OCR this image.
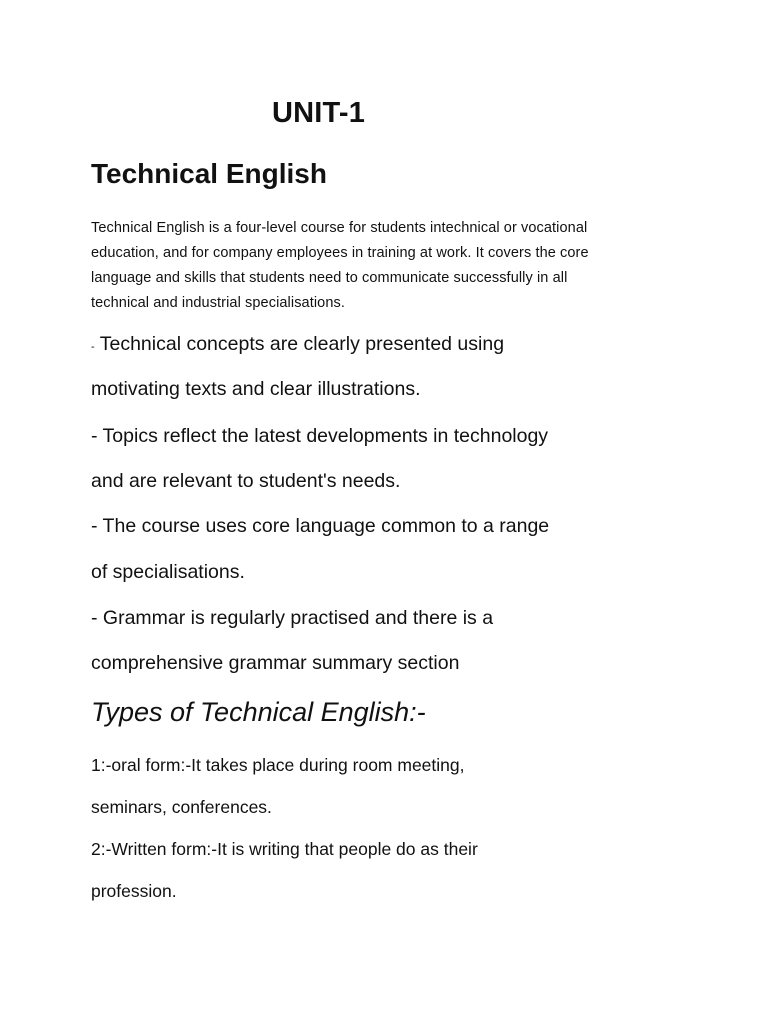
UNIT-1

Technical English

Technical English is a four-level course for students intechnical or vocational

education, and for company employees in training at work. It covers the core

language and skills that students need to communicate successfully in all

technical and industrial specialisations.

- Technical concepts are clearly presented using

motivating texts and clear illustrations.

- Topics reflect the latest developments in technology

and are relevant to student's needs.

- The course uses core language common to a range

of specialisations.

- Grammar is regularly practised and there is a

comprehensive grammar summary section

Types of Technical English:-

1:-oral form:-It takes place during room meeting,

seminars, conferences.

2:-Written form:-It is writing that people do as their

profession.
